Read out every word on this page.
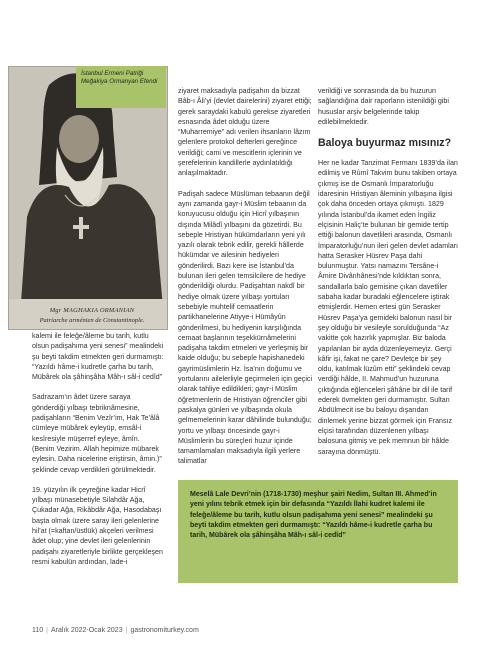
Mgr MAGHAKIA ORMANIAN
Patriarche arménien de Constantinople.
İstanbul Ermeni Patriği Meğakiya Ormanyan Efendi

kalemi ile feleğe/âleme bu tarih, kutlu olsun padişahıma yeni senesi” mealindeki şu beyti takdim etmekten geri durmamıştı: “Yazıldı hâme-i kudretle çarha bu tarih, Mübârek ola şâhinşâha Mâh-ı sâl-i cedîd”

Sadrazam’ın âdet üzere saraya gönderdiği yılbaşı tebriknâmesine, padişahların “Benim Vezîr’im, Hak Te’âlâ cümleye mübârek eyleyüp, emsâl-i kesîresiyle müşerref eyleye, âmîn. (Benim Vezirim. Allah hepimize mübarek eylesin. Daha nicelerine eriştirsin, âmin.)” şeklinde cevap verdikleri görülmektedir.

19. yüzyılın ilk çeyreğine kadar Hicrî yılbaşı münasebetiyle Silahdâr Ağa, Çukadar Ağa, Rikâbdâr Ağa, Hasodabaşı başta olmak üzere saray ileri gelenlerine hil’at (=kaftan/üstlük) akçeleri verilmesi âdet olup; yine devlet ileri gelenlerinin padişahı ziyaretleriyle birlikte gerçekleşen resmi kabulün ardından, lade-i

ziyaret maksadıyla padişahın da bizzat Bâb-ı Âli’yi (devlet dairelerini) ziyaret ettiği; gerek saraydaki kabulü gerekse ziyaretleri esnasında âdet olduğu üzere “Muharremiye” adı verilen ihsanların lâzım gelenlere protokol defterleri gereğince verildiği; cami ve mescitlerin içlerinin ve şerefelerinin kandillerle aydınlatıldığı anlaşılmaktadır.

Padişah sadece Müslüman tebaanın değil aynı zamanda gayr-i Müslim tebaanın da koruyucusu olduğu için Hicrî yılbaşının dışında Milâdî yılbaşını da gözetirdi. Bu sebeple Hristiyan hükümdarların yeni yılı yazılı olarak tebrik edilir, gerekli hâllerde hükümdar ve ailesinin hediyeleri gönderilirdi. Bazı kere ise İstanbul’da bulunan ileri gelen temsilcilere de hediye gönderildiği olurdu. Padişahtan nakdî bir hediye olmak üzere yılbaşı yortuları sebebiyle muhtelif cemaatlerin partikhanelerine Atiyye-i Hümâyûn gönderilmesi, bu hediyenin karşılığında cemaat başlarının teşekkürnâmelerini padişaha takdim etmeleri ve yerleşmiş bir kaide olduğu; bu sebeple hapishanedeki gayrimüslimlerin Hz. İsa’nın doğumu ve yortularını ailelerliyle geçirmeleri için geçici olarak tahliye edildikleri; gayr-i Müslim öğretmenlerin de Hristiyan öğrenciler gibi paskalya günleri ve yılbaşında okula gelmemelerinin karar dâhilinde bulunduğu; yortu ve yılbaşı öncesinde gayr-i Müslimlerin bu süreçleri huzur içinde tamamlamaları maksadıyla ilgili yerlere talimatlar

verildiği ve sonrasında da bu huzurun sağlandığına dair raporların istenildiği gibi hususlar arşiv belgelerinde takip edilebilmektedir.

Baloya buyurmaz mısınız?

Her ne kadar Tanzimat Fermanı 1839’da ilan edilmiş ve Rûmî Takvim bunu takiben ortaya çıkmış ise de Osmanlı İmparatorluğu idaresinin Hristiyan âleminin yılbaşına ilgisi çok daha önceden ortaya çıkmıştı. 1829 yılında İstanbul’da ikamet eden İngiliz elçisinin Haliç’te bulunan bir gemide tertip ettiği balonun davetlileri arasında, Osmanlı İmparatorluğu’nun ileri gelen devlet adamları hatta Serasker Hüsrev Paşa dahi bulunmuştur. Yatsı namazını Tersâne-i Âmire Divânhânesi’nde kıldıktan sonra, sandallarla balo gemisine çıkan davetliler sabaha kadar buradaki eğlencelere iştirak etmişlerdir. Hemen ertesi gün Serasker Hüsrev Paşa’ya gemideki balonun nasıl bir şey olduğu bir vesileyle sorulduğunda “Az vakitte çok hazırlık yapmışlar. Biz baloda yapılanları bir ayda düzenleyemeyiz. Gerçi kâfir işi, fakat ne çare? Devletçe bir şey oldu, katılmak lüzûm etti” şeklindeki cevap verdiği hâlde, II. Mahmud’un huzuruna çıktığında eğlenceleri şâhâne bir dil ile tarif ederek övmekten geri durmamıştır. Sultan Abdülmecit ise bu baloyu dışarıdan dinlemek yerine bizzat görmek için Fransız elçisi tarafından düzenlenen yılbaşı balosuna gitmiş ve pek memnun bir hâlde sarayına dönmüştü.

Meselâ Lale Devri’nin (1718-1730) meşhur şairi Nedim, Sultan III. Ahmed’in yeni yılını tebrik etmek için bir defasında “Yazıldı İlahi kudret kalemi ile feleğe/âleme bu tarih, kutlu olsun padişahıma yeni senesi” mealindeki şu beyti takdim etmekten geri durmamıştı: “Yazıldı hâme-i kudretle çarha bu tarih, Mübârek ola şâhinşâha Mâh-ı sâl-i cedîd”

110 | Aralık 2022-Ocak 2023 | gastronomiturkey.com
